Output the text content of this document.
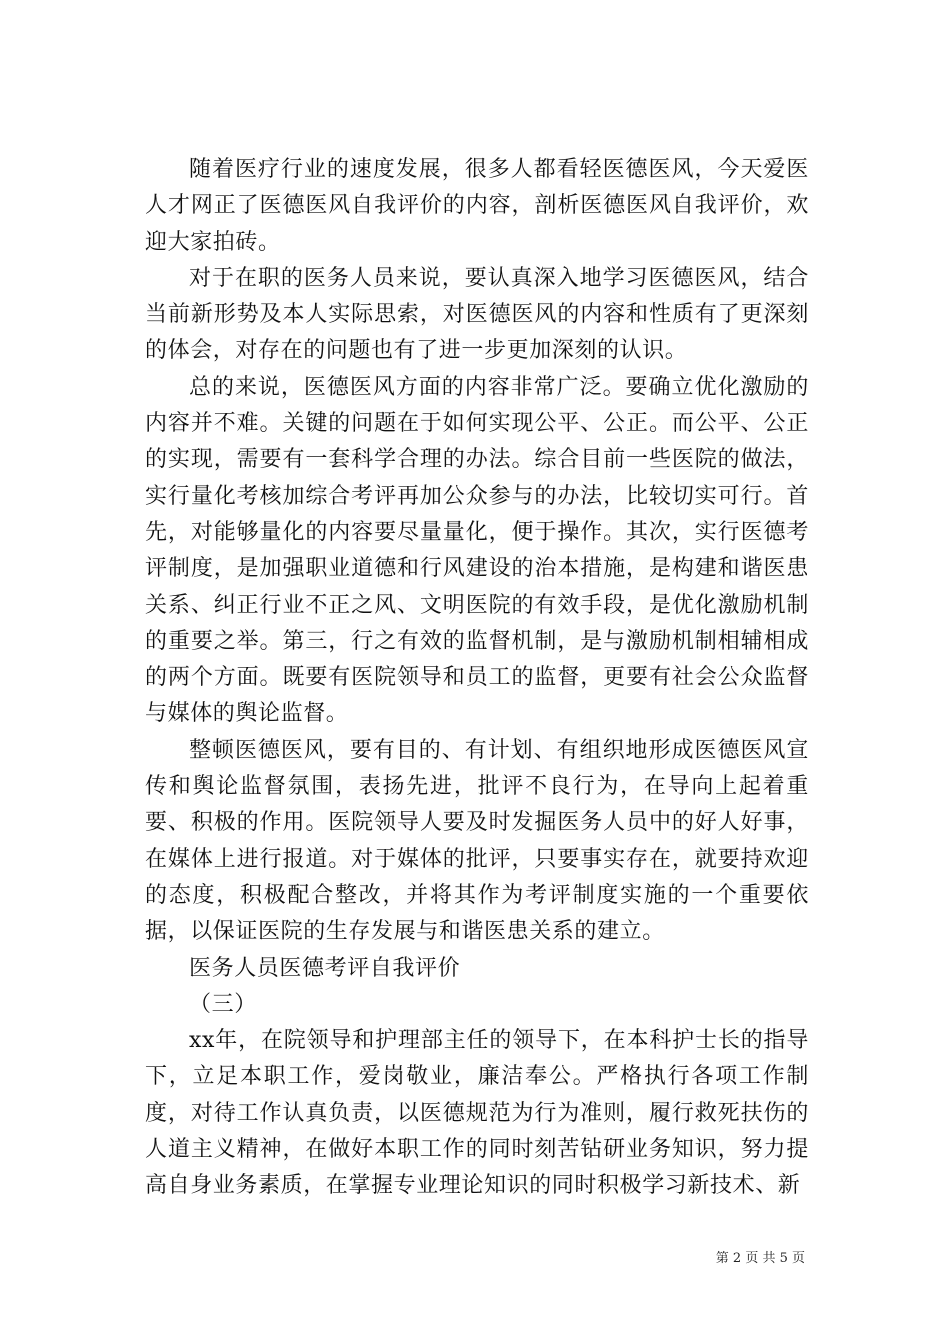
随着医疗行业的速度发展，很多人都看轻医德医风，今天爱医人才网正了医德医风自我评价的内容，剖析医德医风自我评价，欢迎大家拍砖。

对于在职的医务人员来说，要认真深入地学习医德医风，结合当前新形势及本人实际思索，对医德医风的内容和性质有了更深刻的体会，对存在的问题也有了进一步更加深刻的认识。

总的来说，医德医风方面的内容非常广泛。要确立优化激励的内容并不难。关键的问题在于如何实现公平、公正。而公平、公正的实现，需要有一套科学合理的办法。综合目前一些医院的做法，实行量化考核加综合考评再加公众参与的办法，比较切实可行。首先，对能够量化的内容要尽量量化，便于操作。其次，实行医德考评制度，是加强职业道德和行风建设的治本措施，是构建和谐医患关系、纠正行业不正之风、文明医院的有效手段，是优化激励机制的重要之举。第三，行之有效的监督机制，是与激励机制相辅相成的两个方面。既要有医院领导和员工的监督，更要有社会公众监督与媒体的舆论监督。

整顿医德医风，要有目的、有计划、有组织地形成医德医风宣传和舆论监督氛围，表扬先进，批评不良行为，在导向上起着重要、积极的作用。医院领导人要及时发掘医务人员中的好人好事，在媒体上进行报道。对于媒体的批评，只要事实存在，就要持欢迎的态度，积极配合整改，并将其作为考评制度实施的一个重要依据，以保证医院的生存发展与和谐医患关系的建立。

医务人员医德考评自我评价

（三）

xx年，在院领导和护理部主任的领导下，在本科护士长的指导下，立足本职工作，爱岗敬业，廉洁奉公。严格执行各项工作制度，对待工作认真负责，以医德规范为行为准则，履行救死扶伤的人道主义精神，在做好本职工作的同时刻苦钻研业务知识，努力提高自身业务素质，在掌握专业理论知识的同时积极学习新技术、新

第 2 页 共 5 页
